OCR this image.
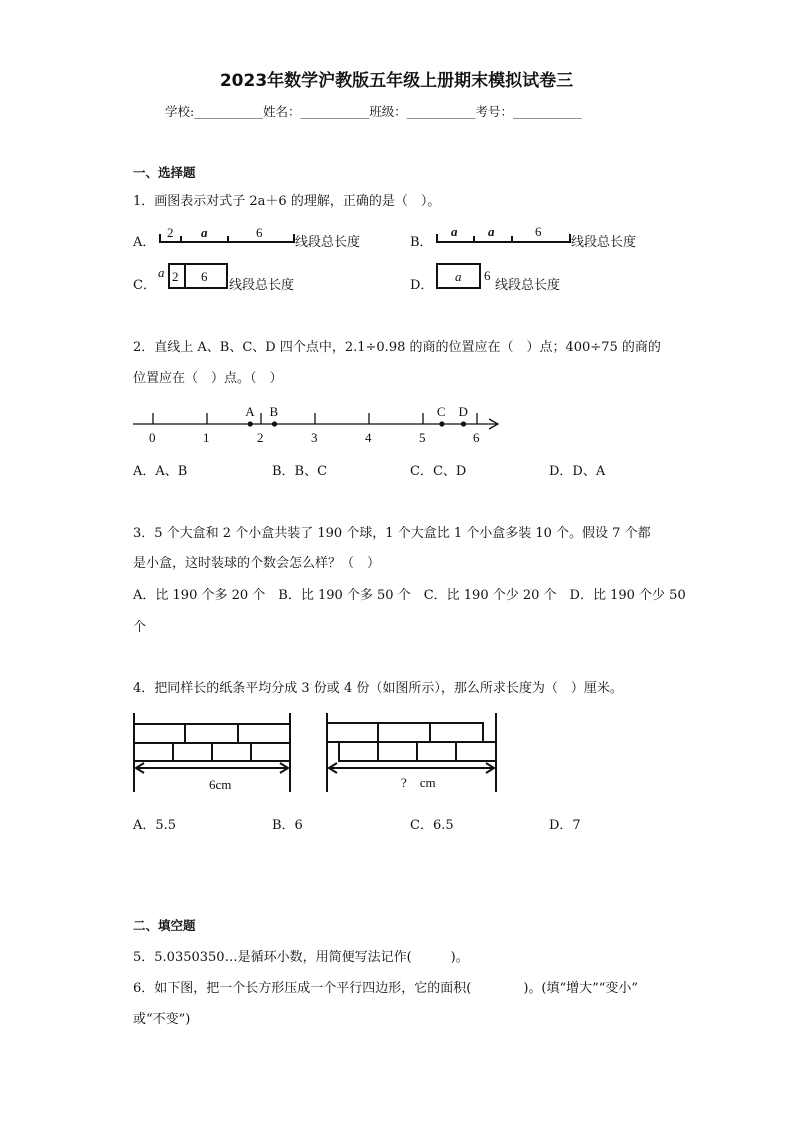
2023年数学沪教版五年级上册期末模拟试卷三
学校:___________姓名：___________班级：___________考号：___________
一、选择题
1．画图表示对式子 2a＋6 的理解，正确的是（　）。
A．	B．
C．	D．
线段总长度	线段总长度
线段总长度	线段总长度
2 a	6	a a	6
a 2 6	a 6
2．直线上 A、B、C、D 四个点中，2.1÷0.98 的商的位置应在（　）点；400÷75 的商的
位置应在（　）点。（　）
0	1	2	3	4	5	6
A B	C D
A．A、B	B．B、C	C．C、D	D．D、A
3．5 个大盒和 2 个小盒共装了 190 个球，1 个大盒比 1 个小盒多装 10 个。假设 7 个都
是小盒，这时装球的个数会怎么样？（　）
A．比 190 个多 20 个　B．比 190 个多 50 个　C．比 190 个少 20 个　D．比 190 个少 50
个
4．把同样长的纸条平均分成 3 份或 4 份（如图所示），那么所求长度为（　）厘米。
6cm	?　cm
A．5.5	B．6	C．6.5	D．7
二、填空题
5．5.0350350…是循环小数，用简便写法记作(　　　)。
6．如下图，把一个长方形压成一个平行四边形，它的面积(　　　　)。(填“增大”“变小”
或“不变”)
